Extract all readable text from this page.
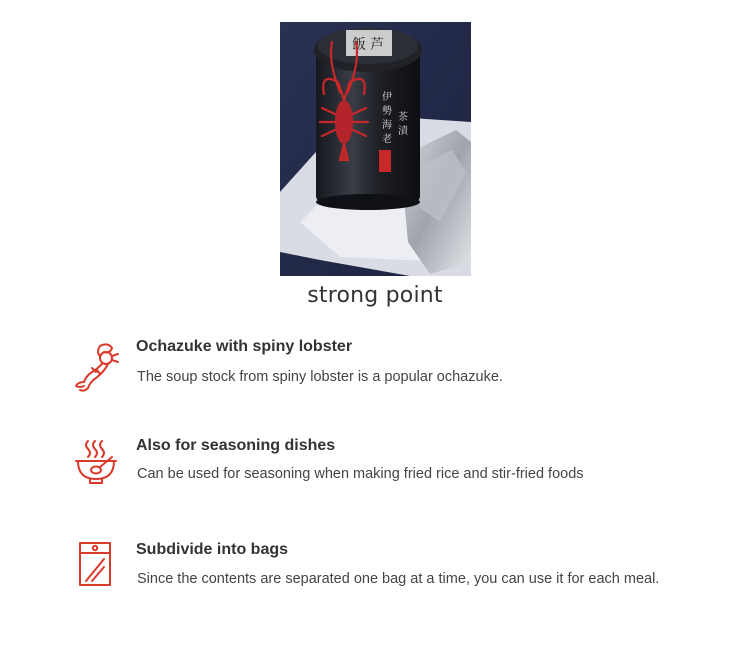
飯 芦
伊
勢
海
老
茶
漬
strong point
Ochazuke with spiny lobster
The soup stock from spiny lobster is a popular ochazuke.
Also for seasoning dishes
Can be used for seasoning when making fried rice and stir-fried foods
Subdivide into bags
Since the contents are separated one bag at a time, you can use it for each meal.
